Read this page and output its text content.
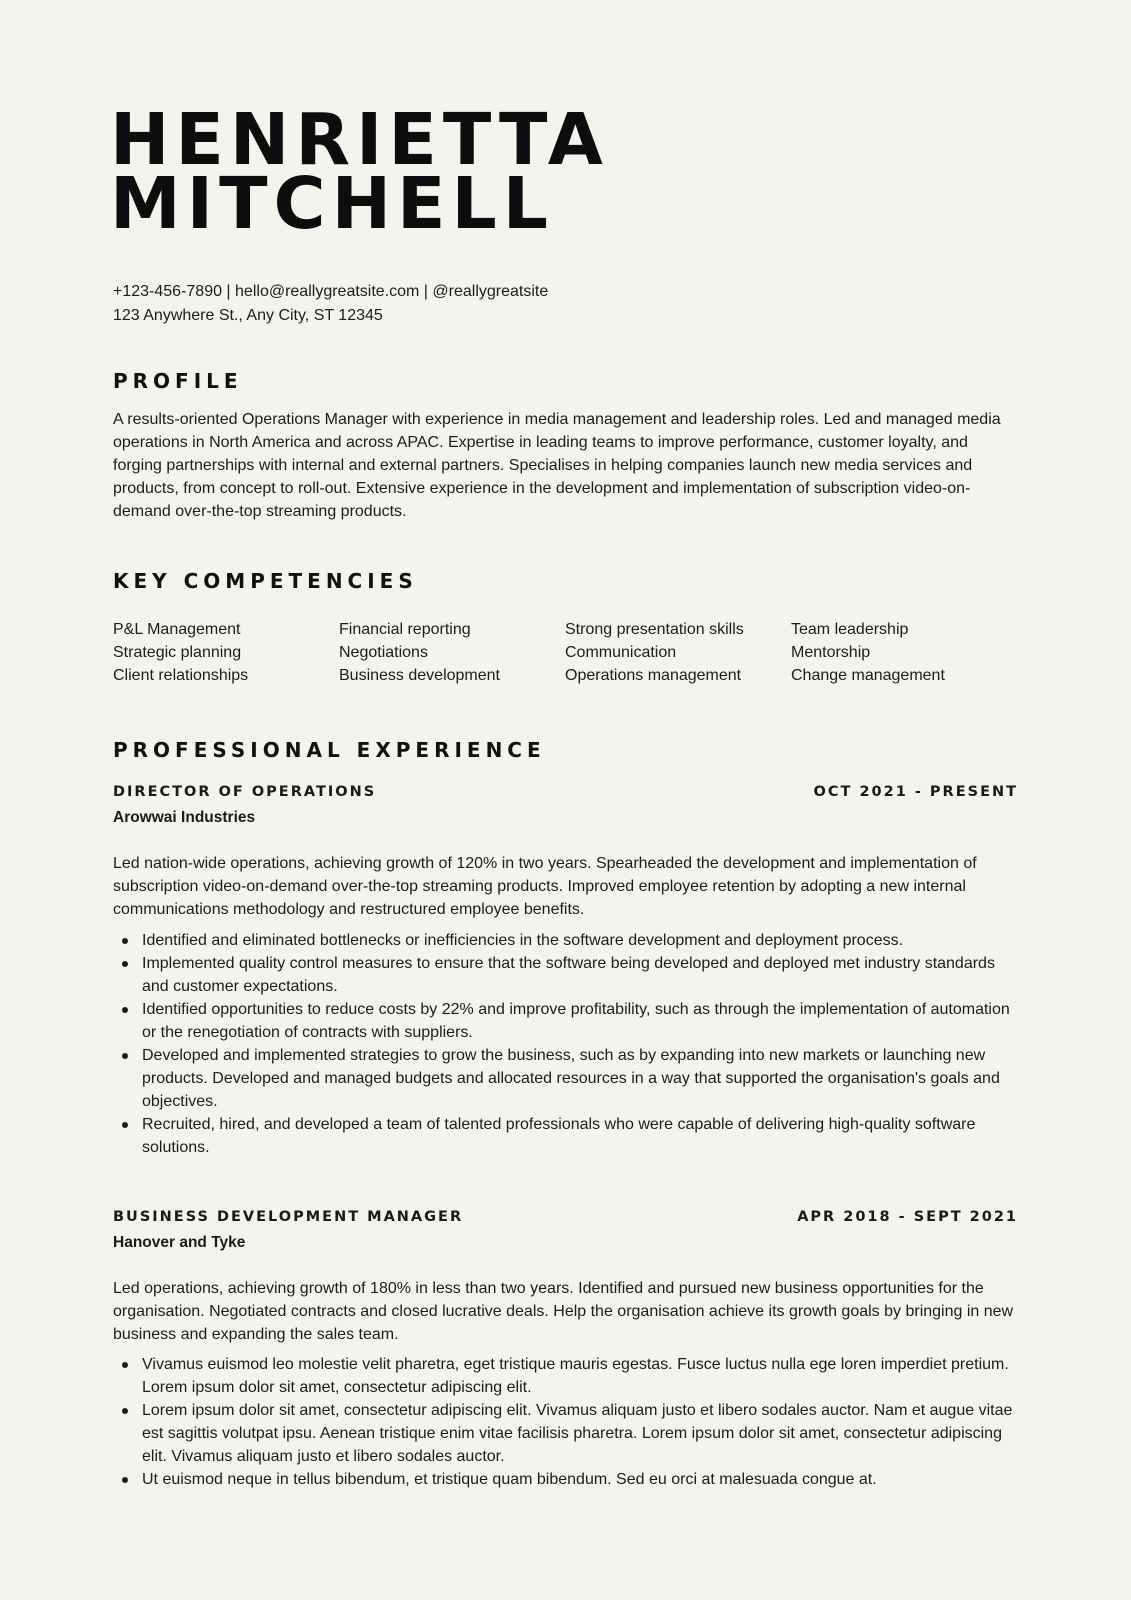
HENRIETTA
MITCHELL
+123-456-7890 | hello@reallygreatsite.com | @reallygreatsite
123 Anywhere St., Any City, ST 12345
PROFILE

A results-oriented Operations Manager with experience in media management and leadership roles. Led and managed media operations in North America and across APAC. Expertise in leading teams to improve performance, customer loyalty, and forging partnerships with internal and external partners. Specialises in helping companies launch new media services and products, from concept to roll-out. Extensive experience in the development and implementation of subscription video-on-demand over-the-top streaming products.

KEY COMPETENCIES
P&L Management	Financial reporting	Strong presentation skills	Team leadership
Strategic planning	Negotiations	Communication	Mentorship
Client relationships	Business development	Operations management	Change management
PROFESSIONAL EXPERIENCE
DIRECTOR OF OPERATIONS	OCT 2021 - PRESENT
Arowwai Industries

Led nation-wide operations, achieving growth of 120% in two years. Spearheaded the development and implementation of subscription video-on-demand over-the-top streaming products. Improved employee retention by adopting a new internal communications methodology and restructured employee benefits.

Identified and eliminated bottlenecks or inefficiencies in the software development and deployment process.
Implemented quality control measures to ensure that the software being developed and deployed met industry standards and customer expectations.
Identified opportunities to reduce costs by 22% and improve profitability, such as through the implementation of automation or the renegotiation of contracts with suppliers.
Developed and implemented strategies to grow the business, such as by expanding into new markets or launching new products. Developed and managed budgets and allocated resources in a way that supported the organisation's goals and objectives.
Recruited, hired, and developed a team of talented professionals who were capable of delivering high-quality software solutions.
BUSINESS DEVELOPMENT MANAGER	APR 2018 - SEPT 2021
Hanover and Tyke

Led operations, achieving growth of 180% in less than two years. Identified and pursued new business opportunities for the organisation. Negotiated contracts and closed lucrative deals. Help the organisation achieve its growth goals by bringing in new business and expanding the sales team.

Vivamus euismod leo molestie velit pharetra, eget tristique mauris egestas. Fusce luctus nulla ege loren imperdiet pretium. Lorem ipsum dolor sit amet, consectetur adipiscing elit.
Lorem ipsum dolor sit amet, consectetur adipiscing elit. Vivamus aliquam justo et libero sodales auctor. Nam et augue vitae est sagittis volutpat ipsu. Aenean tristique enim vitae facilisis pharetra. Lorem ipsum dolor sit amet, consectetur adipiscing elit. Vivamus aliquam justo et libero sodales auctor.
Ut euismod neque in tellus bibendum, et tristique quam bibendum. Sed eu orci at malesuada congue at.
